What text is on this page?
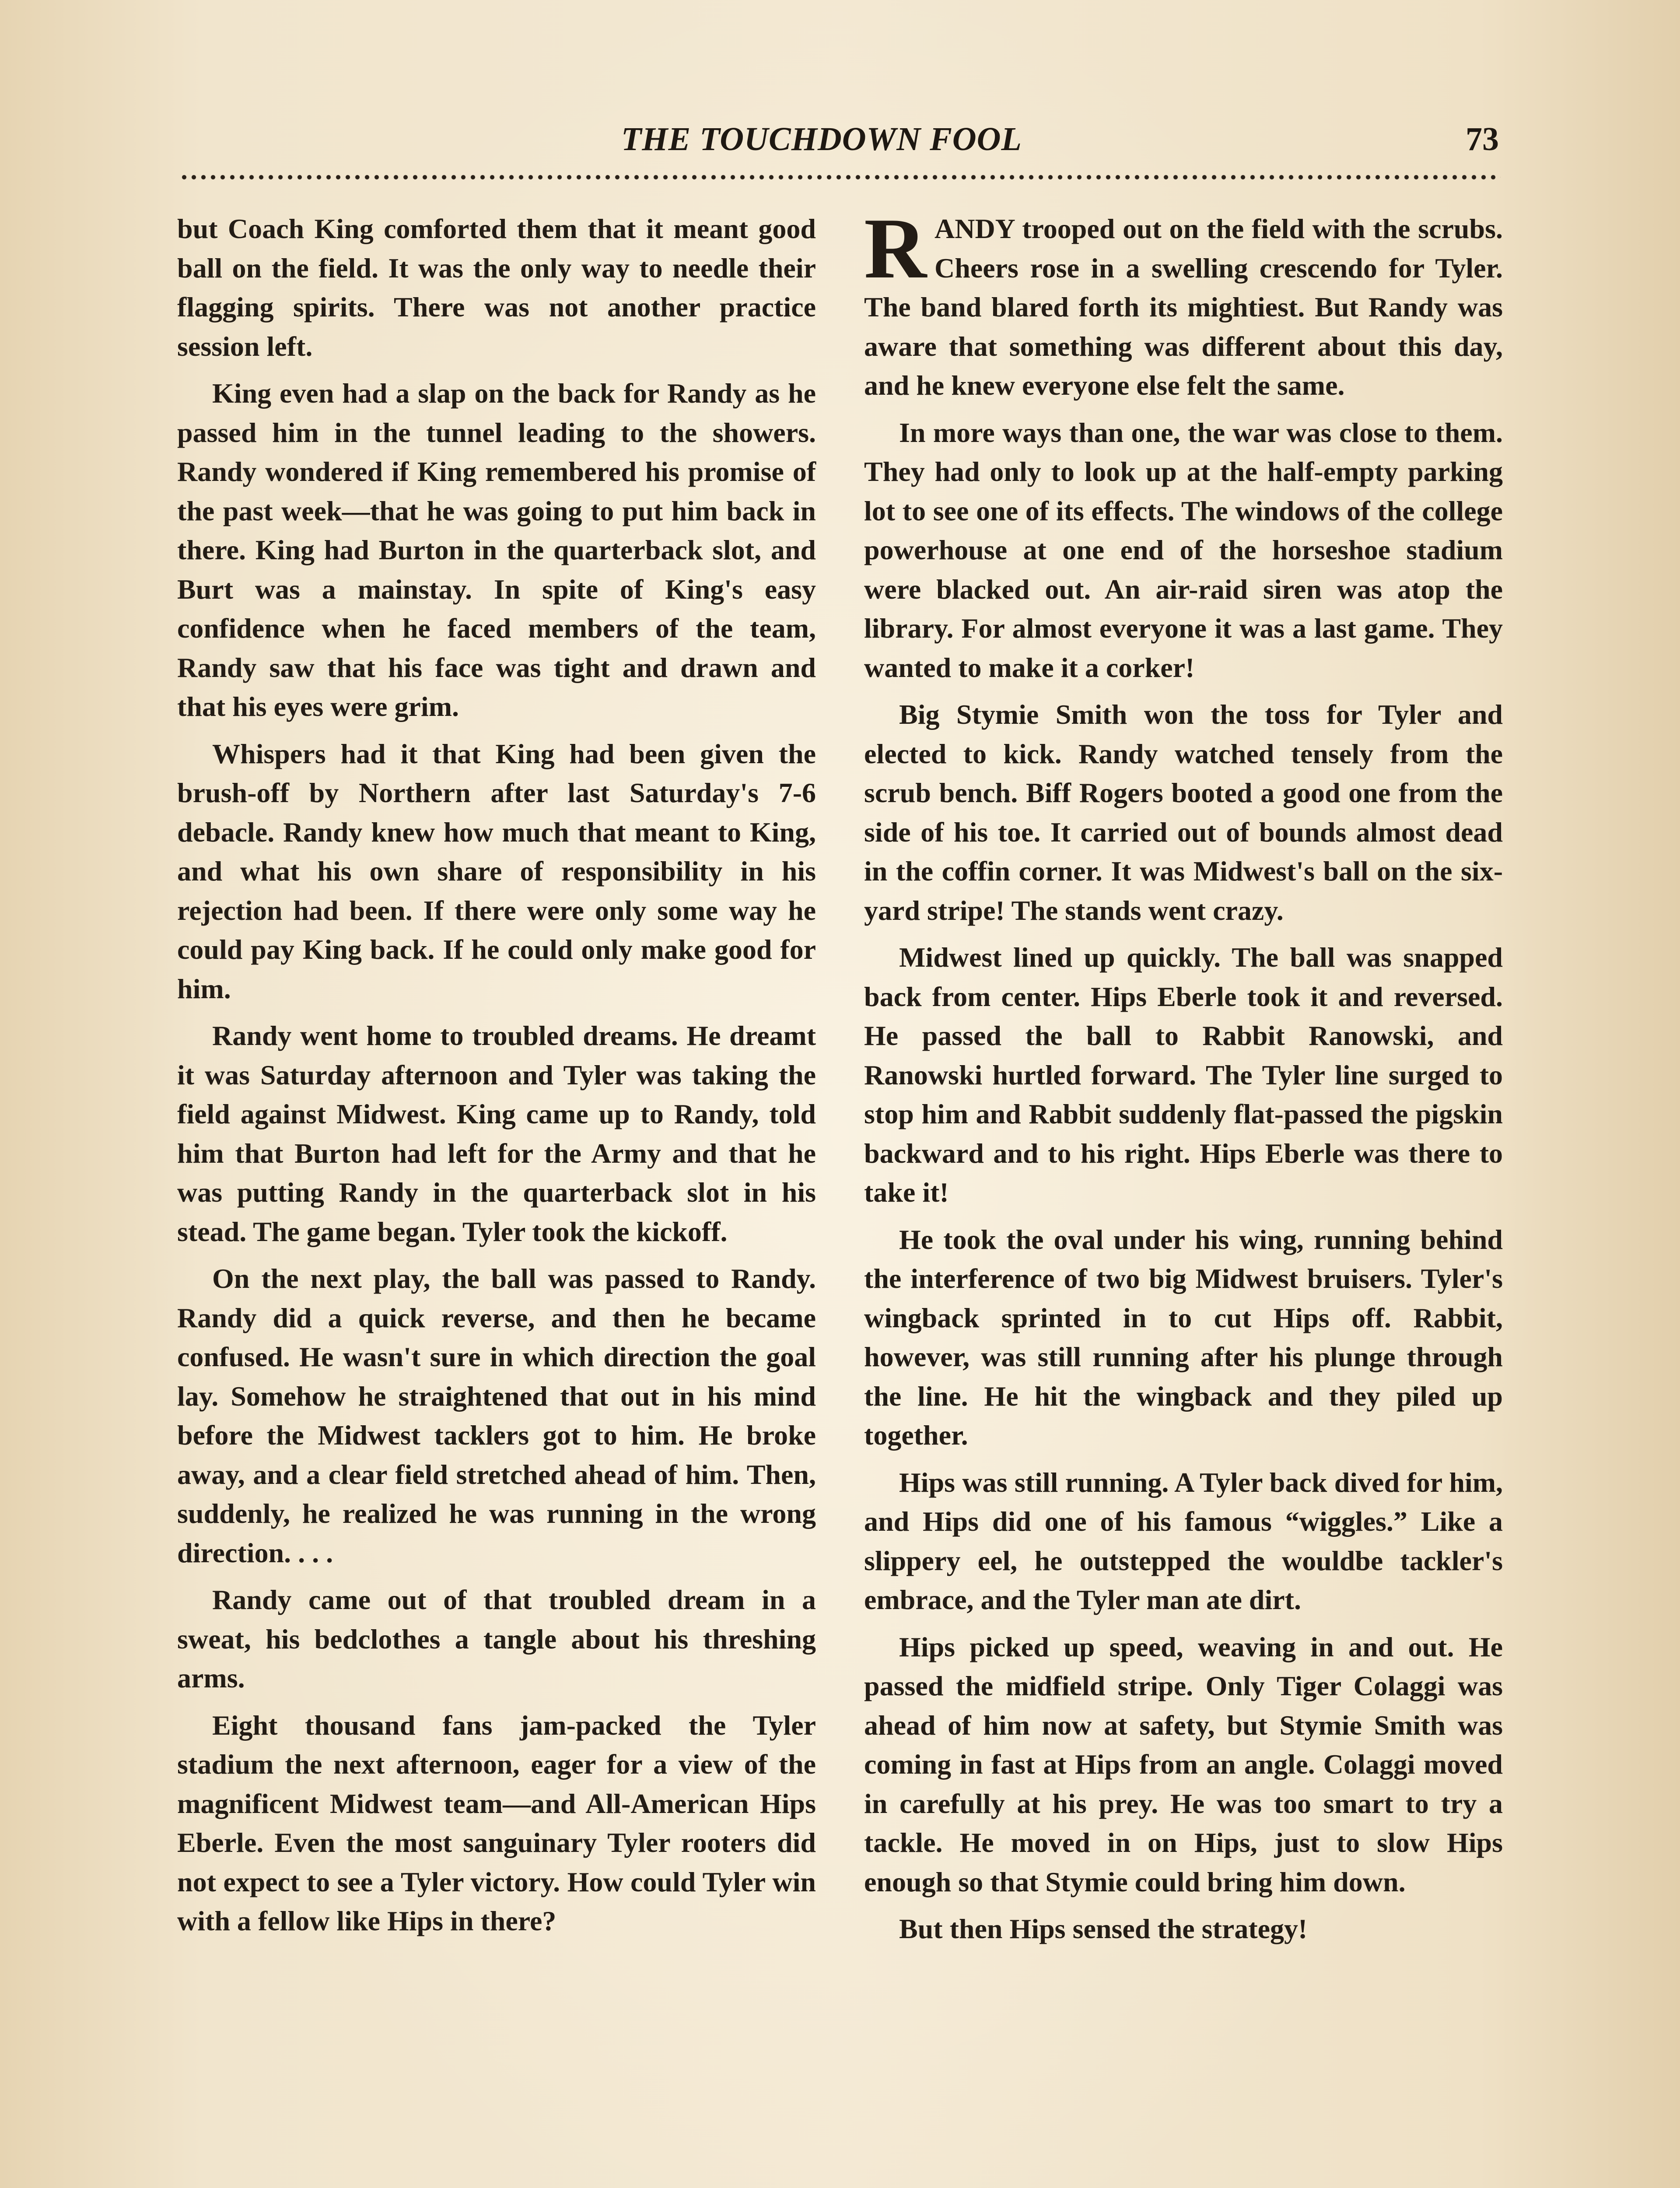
THE TOUCHDOWN FOOL	73

but Coach King comforted them that it meant good ball on the field. It was the only way to needle their flagging spirits. There was not another practice session left.

King even had a slap on the back for Randy as he passed him in the tunnel leading to the showers. Randy wondered if King remembered his promise of the past week—that he was going to put him back in there. King had Burton in the quarterback slot, and Burt was a mainstay. In spite of King's easy confidence when he faced members of the team, Randy saw that his face was tight and drawn and that his eyes were grim.

Whispers had it that King had been given the brush-off by Northern after last Saturday's 7-6 debacle. Randy knew how much that meant to King, and what his own share of responsibility in his rejection had been. If there were only some way he could pay King back. If he could only make good for him.

Randy went home to troubled dreams. He dreamt it was Saturday afternoon and Tyler was taking the field against Midwest. King came up to Randy, told him that Burton had left for the Army and that he was putting Randy in the quarterback slot in his stead. The game began. Tyler took the kickoff.

On the next play, the ball was passed to Randy. Randy did a quick reverse, and then he became confused. He wasn't sure in which direction the goal lay. Somehow he straightened that out in his mind before the Midwest tacklers got to him. He broke away, and a clear field stretched ahead of him. Then, suddenly, he realized he was running in the wrong direction. . . .

Randy came out of that troubled dream in a sweat, his bedclothes a tangle about his threshing arms.

Eight thousand fans jam-packed the Tyler stadium the next afternoon, eager for a view of the magnificent Midwest team—and All-American Hips Eberle. Even the most sanguinary Tyler rooters did not expect to see a Tyler victory. How could Tyler win with a fellow like Hips in there?

RANDY trooped out on the field with the scrubs. Cheers rose in a swelling crescendo for Tyler. The band blared forth its mightiest. But Randy was aware that something was different about this day, and he knew everyone else felt the same.

In more ways than one, the war was close to them. They had only to look up at the half-empty parking lot to see one of its effects. The windows of the college powerhouse at one end of the horseshoe stadium were blacked out. An air-raid siren was atop the library. For almost everyone it was a last game. They wanted to make it a corker!

Big Stymie Smith won the toss for Tyler and elected to kick. Randy watched tensely from the scrub bench. Biff Rogers booted a good one from the side of his toe. It carried out of bounds almost dead in the coffin corner. It was Midwest's ball on the six-yard stripe! The stands went crazy.

Midwest lined up quickly. The ball was snapped back from center. Hips Eberle took it and reversed. He passed the ball to Rabbit Ranowski, and Ranowski hurtled forward. The Tyler line surged to stop him and Rabbit suddenly flat-passed the pigskin backward and to his right. Hips Eberle was there to take it!

He took the oval under his wing, running behind the interference of two big Midwest bruisers. Tyler's wingback sprinted in to cut Hips off. Rabbit, however, was still running after his plunge through the line. He hit the wingback and they piled up together.

Hips was still running. A Tyler back dived for him, and Hips did one of his famous “wiggles.” Like a slippery eel, he outstepped the wouldbe tackler's embrace, and the Tyler man ate dirt.

Hips picked up speed, weaving in and out. He passed the midfield stripe. Only Tiger Colaggi was ahead of him now at safety, but Stymie Smith was coming in fast at Hips from an angle. Colaggi moved in carefully at his prey. He was too smart to try a tackle. He moved in on Hips, just to slow Hips enough so that Stymie could bring him down.

But then Hips sensed the strategy!
